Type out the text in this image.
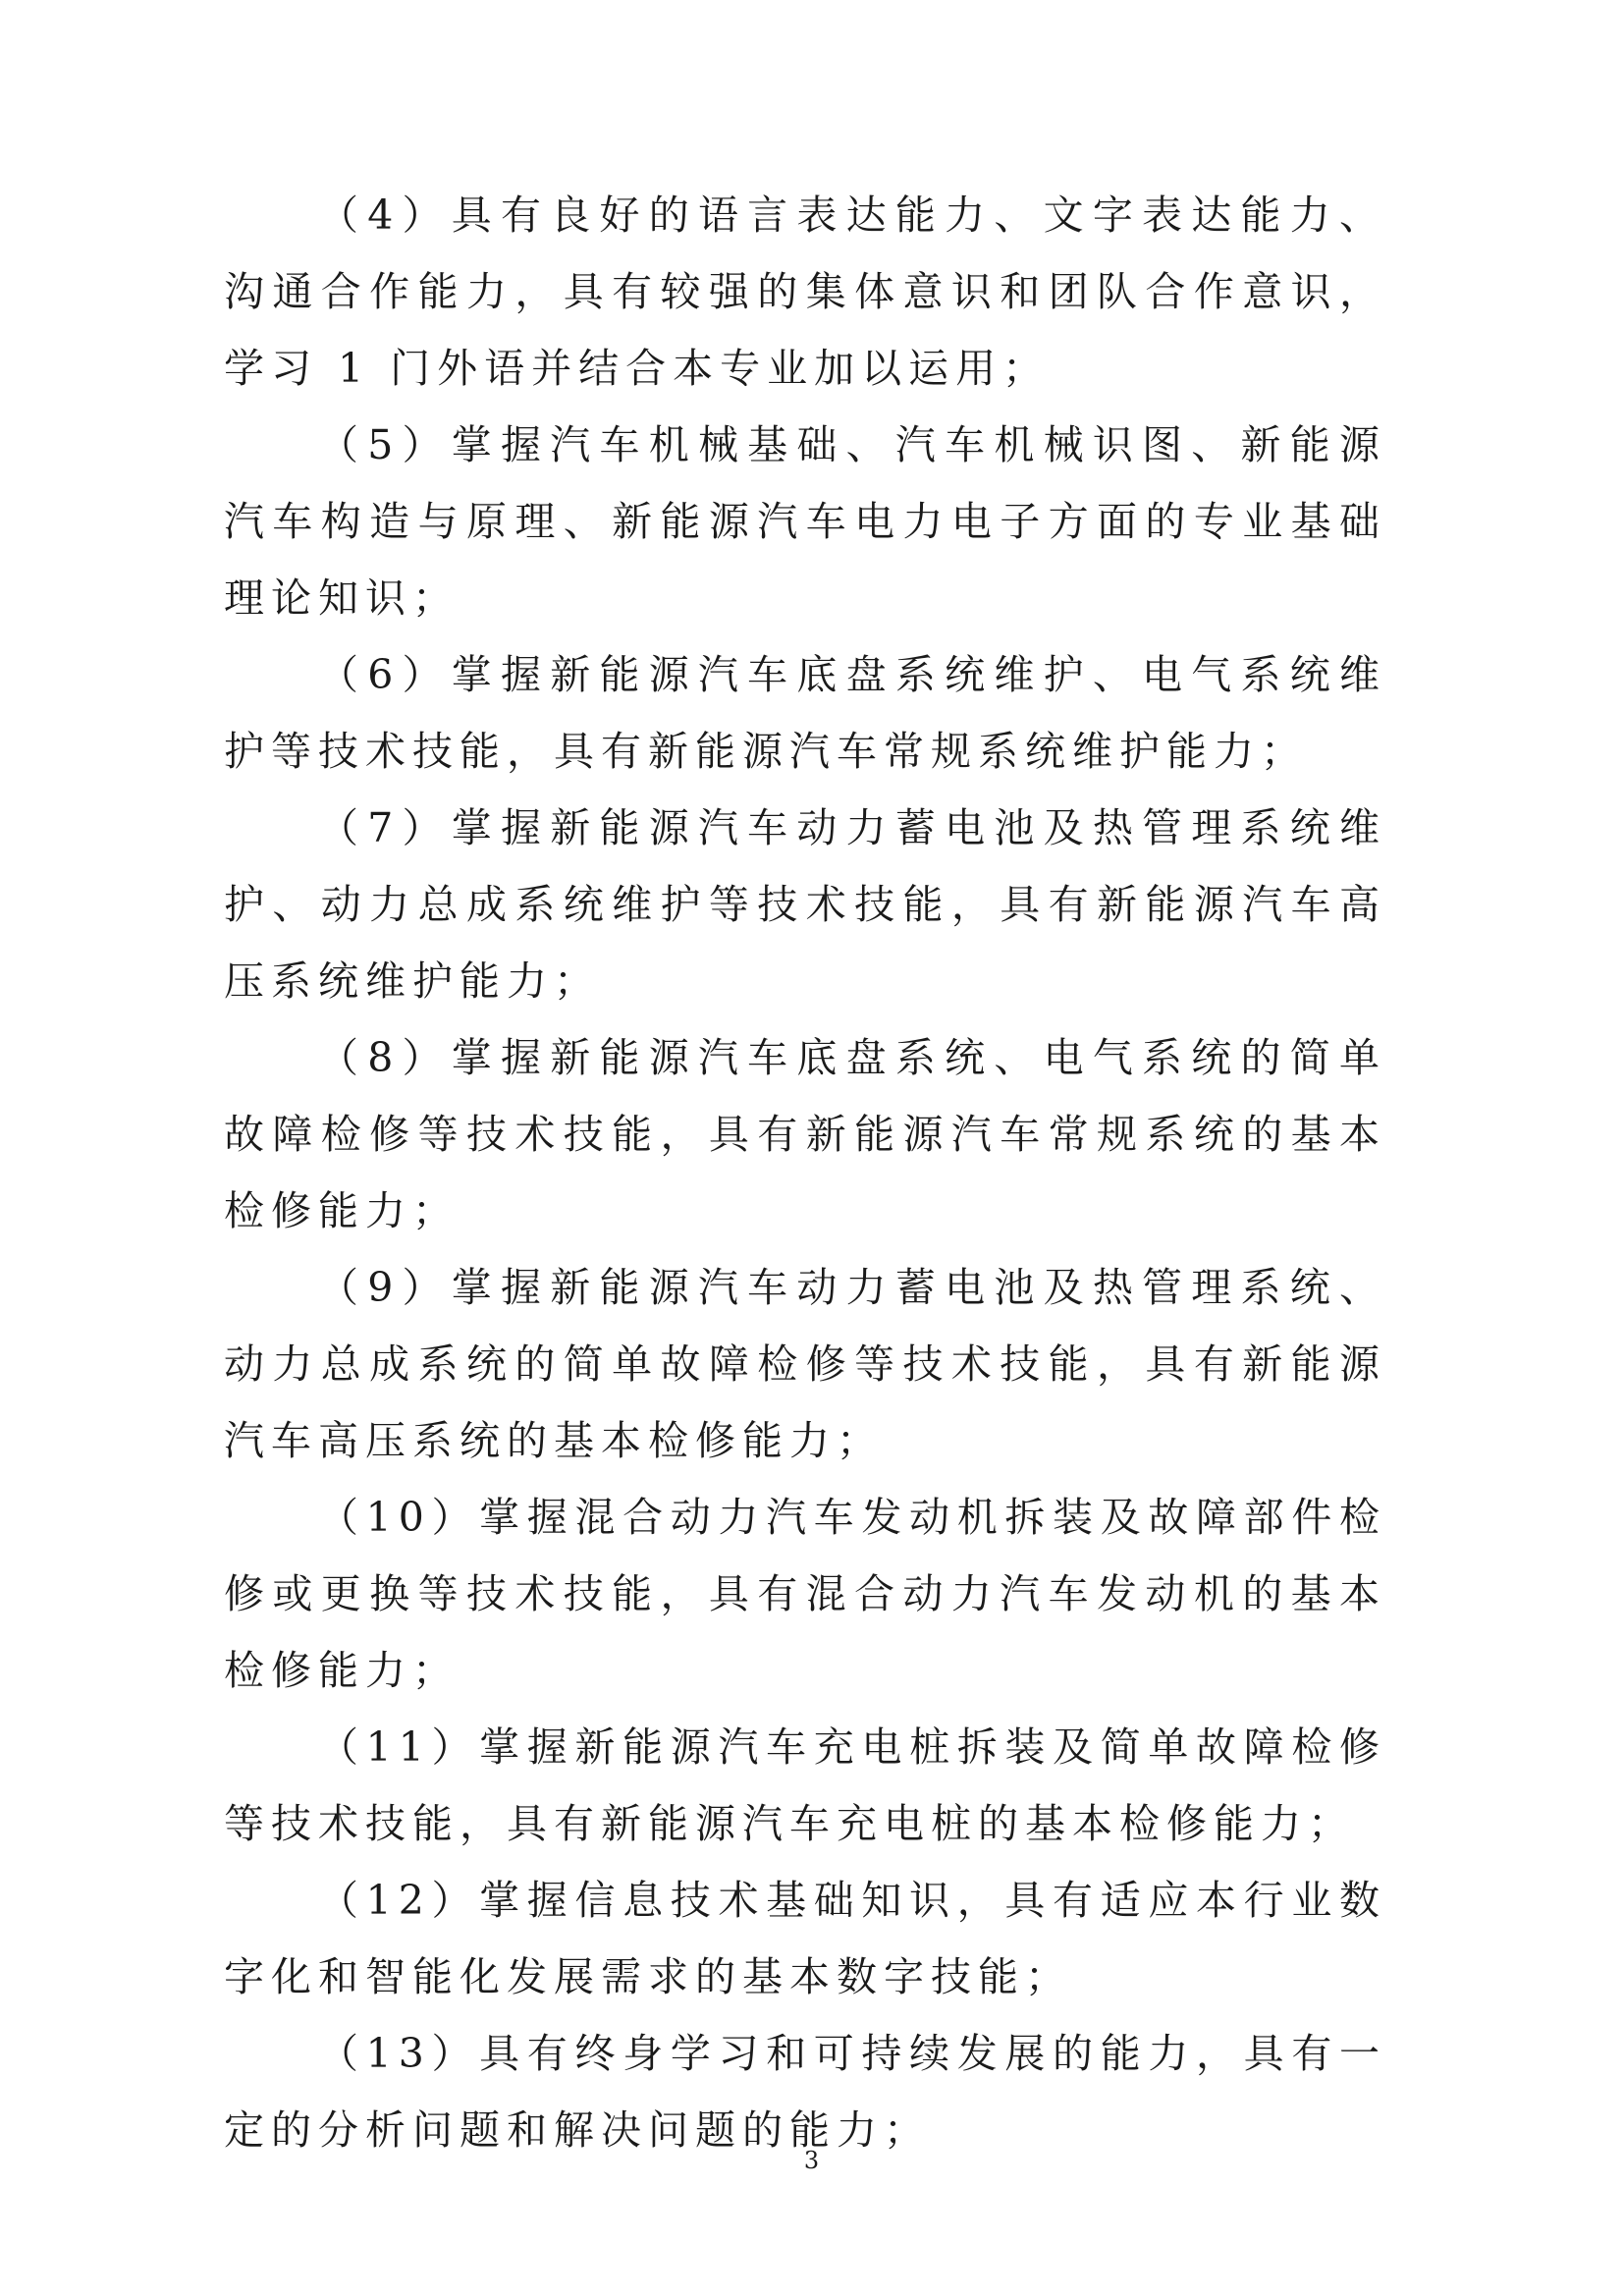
（4）具有良好的语言表达能力、文字表达能力、沟通合作能力，具有较强的集体意识和团队合作意识，学习 1 门外语并结合本专业加以运用；

（5）掌握汽车机械基础、汽车机械识图、新能源汽车构造与原理、新能源汽车电力电子方面的专业基础理论知识；

（6）掌握新能源汽车底盘系统维护、电气系统维护等技术技能，具有新能源汽车常规系统维护能力；

（7）掌握新能源汽车动力蓄电池及热管理系统维护、动力总成系统维护等技术技能，具有新能源汽车高压系统维护能力；

（8）掌握新能源汽车底盘系统、电气系统的简单故障检修等技术技能，具有新能源汽车常规系统的基本检修能力；

（9）掌握新能源汽车动力蓄电池及热管理系统、动力总成系统的简单故障检修等技术技能，具有新能源汽车高压系统的基本检修能力；

（10）掌握混合动力汽车发动机拆装及故障部件检修或更换等技术技能，具有混合动力汽车发动机的基本检修能力；

（11）掌握新能源汽车充电桩拆装及简单故障检修等技术技能，具有新能源汽车充电桩的基本检修能力；

（12）掌握信息技术基础知识，具有适应本行业数字化和智能化发展需求的基本数字技能；

（13）具有终身学习和可持续发展的能力，具有一定的分析问题和解决问题的能力；

3
